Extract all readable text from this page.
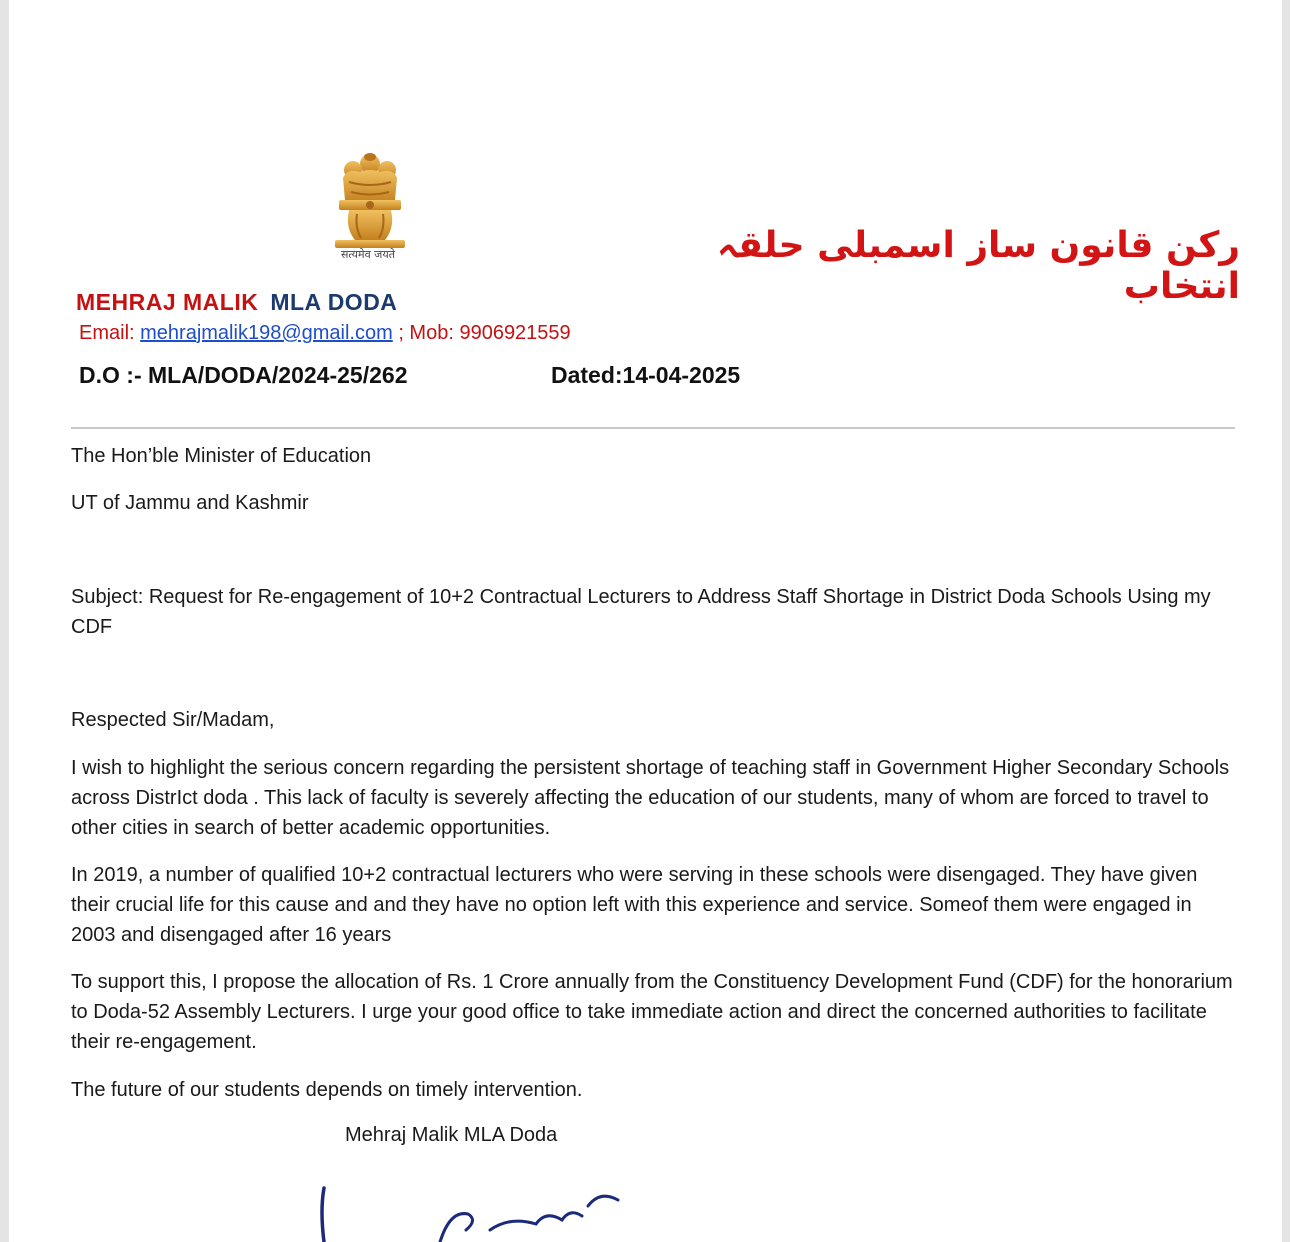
सत्यमेव जयते	رکن قانون ساز اسمبلی حلقہ انتخاب

MEHRAJ MALIK MLA DODA

Email: mehrajmalik198@gmail.com ; Mob: 9906921559

D.O :- MLA/DODA/2024-25/262	Dated:14-04-2025

The Hon’ble Minister of Education

UT of Jammu and Kashmir

Subject: Request for Re-engagement of 10+2 Contractual Lecturers to Address Staff Shortage in District Doda Schools Using my CDF

Respected Sir/Madam,

I wish to highlight the serious concern regarding the persistent shortage of teaching staff in Government Higher Secondary Schools across DistrIct doda . This lack of faculty is severely affecting the education of our students, many of whom are forced to travel to other cities in search of better academic opportunities.

In 2019, a number of qualified 10+2 contractual lecturers who were serving in these schools were disengaged. They have given their crucial life for this cause and and they have no option left with this experience and service. Someof them were engaged in 2003 and disengaged after 16 years

To support this, I propose the allocation of Rs. 1 Crore annually from the Constituency Development Fund (CDF) for the honorarium to Doda-52 Assembly Lecturers. I urge your good office to take immediate action and direct the concerned authorities to facilitate their re-engagement.

The future of our students depends on timely intervention.

Mehraj Malik MLA Doda
